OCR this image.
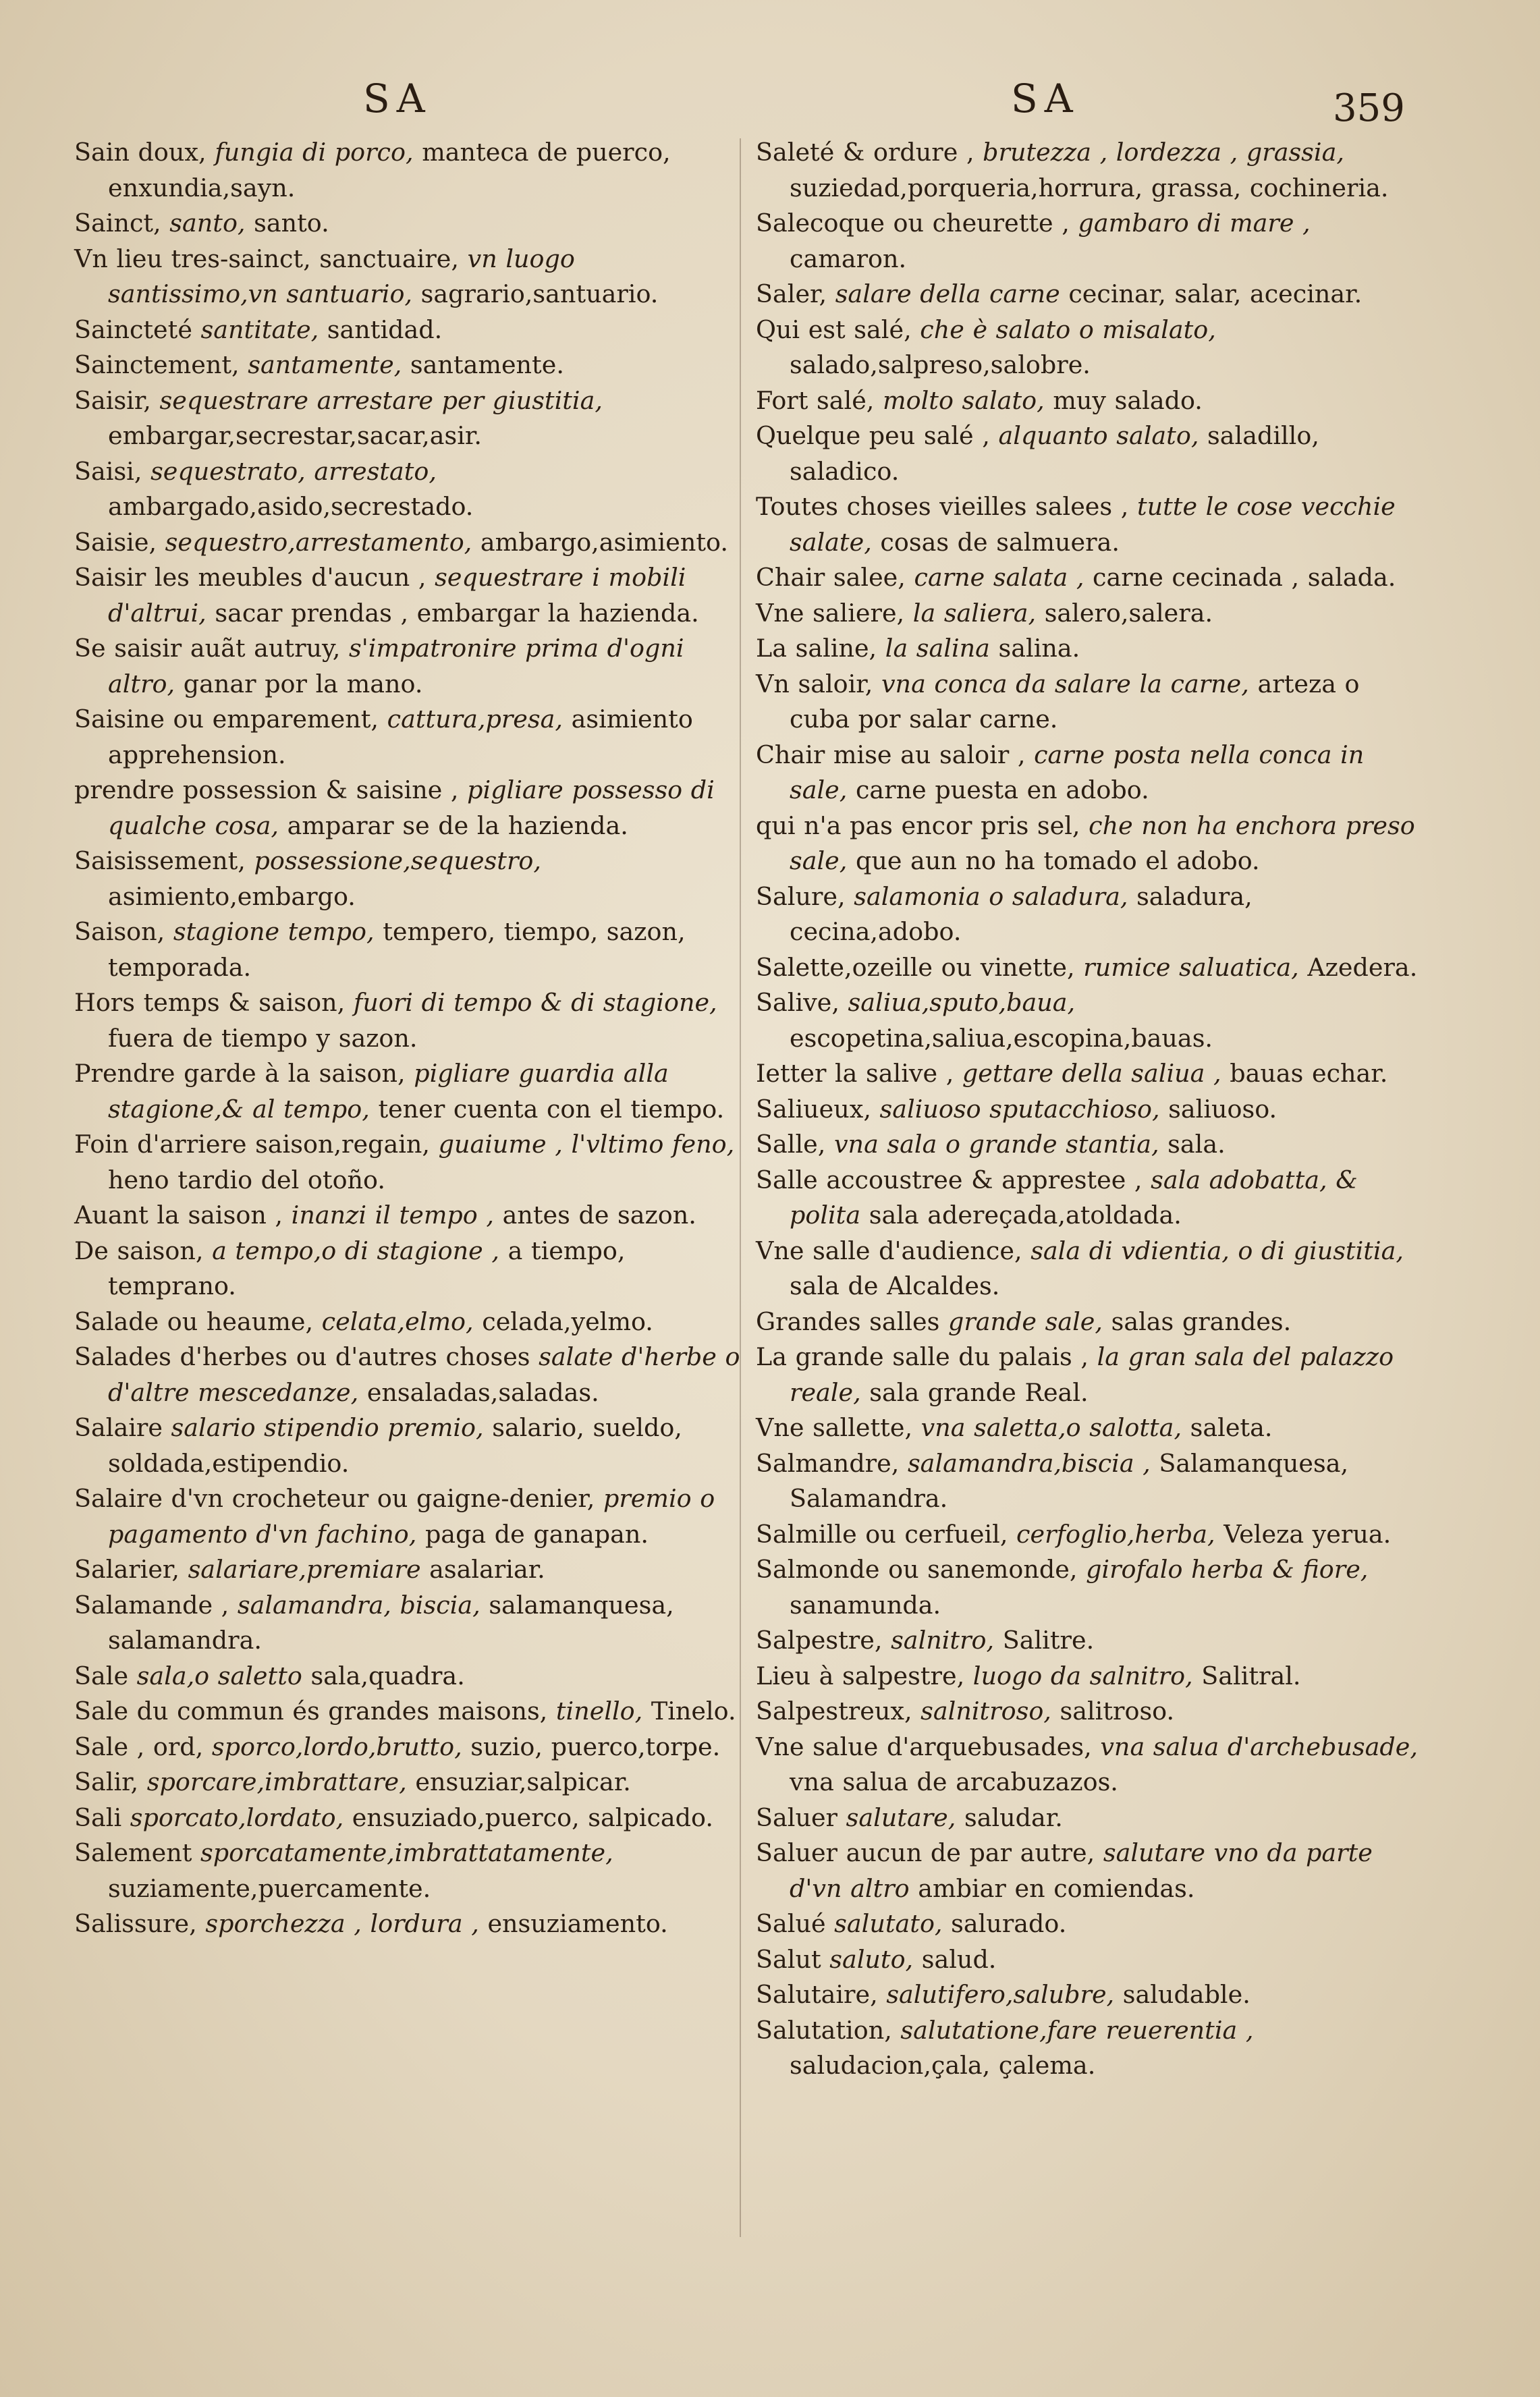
SA	SA	359
Sain doux, fungia di porco, manteca de puerco, enxundia,sayn.
Sainct, santo, santo.
Vn lieu tres-sainct, sanctuaire, vn luogo santissimo,vn santuario, sagrario,santuario.
Saincteté santitate, santidad.
Sainctement, santamente, santamente.
Saisir, sequestrare arrestare per giustitia, embargar,secrestar,sacar,asir.
Saisi, sequestrato, arrestato, ambargado,asido,secrestado.
Saisie, sequestro,arrestamento, ambargo,asimiento.
Saisir les meubles d'aucun , sequestrare i mobili d'altrui, sacar prendas , embargar la hazienda.
Se saisir auãt autruy, s'impatronire prima d'ogni altro, ganar por la mano.
Saisine ou emparement, cattura,presa, asimiento apprehension.
prendre possession & saisine , pigliare possesso di qualche cosa, amparar se de la hazienda.
Saisissement, possessione,sequestro, asimiento,embargo.
Saison, stagione tempo, tempero, tiempo, sazon, temporada.
Hors temps & saison, fuori di tempo & di stagione, fuera de tiempo y sazon.
Prendre garde à la saison, pigliare guardia alla stagione,& al tempo, tener cuenta con el tiempo.
Foin d'arriere saison,regain, guaiume , l'vltimo feno, heno tardio del otoño.
Auant la saison , inanzi il tempo , antes de sazon.
De saison, a tempo,o di stagione , a tiempo, temprano.
Salade ou heaume, celata,elmo, celada,yelmo.
Salades d'herbes ou d'autres choses salate d'herbe o d'altre mescedanze, ensaladas,saladas.
Salaire salario stipendio premio, salario, sueldo, soldada,estipendio.
Salaire d'vn crocheteur ou gaigne-denier, premio o pagamento d'vn fachino, paga de ganapan.
Salarier, salariare,premiare asalariar.
Salamande , salamandra, biscia, salamanquesa, salamandra.
Sale sala,o saletto sala,quadra.
Sale du commun és grandes maisons, tinello, Tinelo.
Sale , ord, sporco,lordo,brutto, suzio, puerco,torpe.
Salir, sporcare,imbrattare, ensuziar,salpicar.
Sali sporcato,lordato, ensuziado,puerco, salpicado.
Salement sporcatamente,imbrattatamente, suziamente,puercamente.
Salissure, sporchezza , lordura , ensuziamento.
Saleté & ordure , brutezza , lordezza , grassia, suziedad,porqueria,horrura, grassa, cochineria.
Salecoque ou cheurette , gambaro di mare , camaron.
Saler, salare della carne cecinar, salar, acecinar.
Qui est salé, che è salato o misalato, salado,salpreso,salobre.
Fort salé, molto salato, muy salado.
Quelque peu salé , alquanto salato, saladillo, saladico.
Toutes choses vieilles salees , tutte le cose vecchie salate, cosas de salmuera.
Chair salee, carne salata , carne cecinada , salada.
Vne saliere, la saliera, salero,salera.
La saline, la salina salina.
Vn saloir, vna conca da salare la carne, arteza o cuba por salar carne.
Chair mise au saloir , carne posta nella conca in sale, carne puesta en adobo.
qui n'a pas encor pris sel, che non ha enchora preso sale, que aun no ha tomado el adobo.
Salure, salamonia o saladura, saladura, cecina,adobo.
Salette,ozeille ou vinette, rumice saluatica, Azedera.
Salive, saliua,sputo,baua, escopetina,saliua,escopina,bauas.
Ietter la salive , gettare della saliua , bauas echar.
Saliueux, saliuoso sputacchioso, saliuoso.
Salle, vna sala o grande stantia, sala.
Salle accoustree & apprestee , sala adobatta, & polita sala adereçada,atoldada.
Vne salle d'audience, sala di vdientia, o di giustitia, sala de Alcaldes.
Grandes salles grande sale, salas grandes.
La grande salle du palais , la gran sala del palazzo reale, sala grande Real.
Vne sallette, vna saletta,o salotta, saleta.
Salmandre, salamandra,biscia , Salamanquesa, Salamandra.
Salmille ou cerfueil, cerfoglio,herba, Veleza yerua.
Salmonde ou sanemonde, girofalo herba & fiore, sanamunda.
Salpestre, salnitro, Salitre.
Lieu à salpestre, luogo da salnitro, Salitral.
Salpestreux, salnitroso, salitroso.
Vne salue d'arquebusades, vna salua d'archebusade, vna salua de arcabuzazos.
Saluer salutare, saludar.
Saluer aucun de par autre, salutare vno da parte d'vn altro ambiar en comiendas.
Salué salutato, salurado.
Salut saluto, salud.
Salutaire, salutifero,salubre, saludable.
Salutation, salutatione,fare reuerentia , saludacion,çala, çalema.
